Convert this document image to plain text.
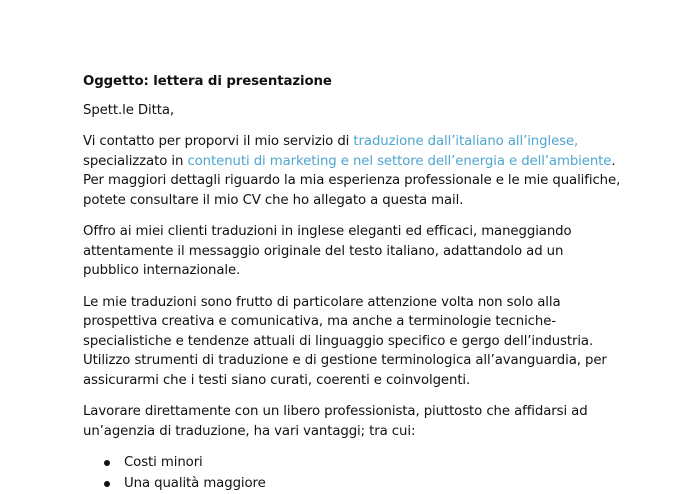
Oggetto: lettera di presentazione

Spett.le Ditta,

Vi contatto per proporvi il mio servizio di traduzione dall’italiano all’inglese, specializzato in contenuti di marketing e nel settore dell’energia e dell’ambiente. Per maggiori dettagli riguardo la mia esperienza professionale e le mie qualifiche, potete consultare il mio CV che ho allegato a questa mail.

Offro ai miei clienti traduzioni in inglese eleganti ed efficaci, maneggiando attentamente il messaggio originale del testo italiano, adattandolo ad un pubblico internazionale.

Le mie traduzioni sono frutto di particolare attenzione volta non solo alla prospettiva creativa e comunicativa, ma anche a terminologie tecniche-specialistiche e tendenze attuali di linguaggio specifico e gergo dell’industria. Utilizzo strumenti di traduzione e di gestione terminologica all’avanguardia, per assicurarmi che i testi siano curati, coerenti e coinvolgenti.

Lavorare direttamente con un libero professionista, piuttosto che affidarsi ad un’agenzia di traduzione, ha vari vantaggi; tra cui:

Costi minori
Una qualità maggiore
